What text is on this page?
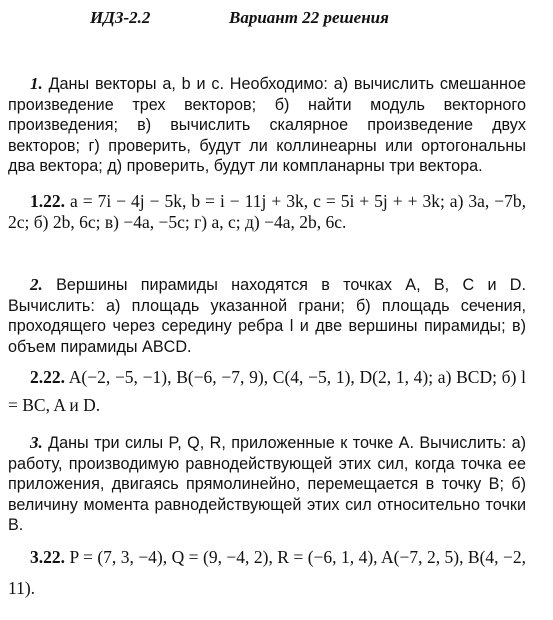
ИДЗ-2.2	Вариант 22 решения

1. Даны векторы a, b и c. Необходимо: а) вычислить смешанное произведение трех векторов; б) найти модуль векторного произведения; в) вычислить скалярное произведение двух векторов; г) проверить, будут ли коллинеарны или ортогональны два вектора; д) проверить, будут ли компланарны три вектора.

1.22. a = 7i − 4j − 5k, b = i − 11j + 3k, c = 5i + 5j + + 3k; а) 3a, −7b, 2c; б) 2b, 6c; в) −4a, −5c; г) a, c; д) −4a, 2b, 6c.

2. Вершины пирамиды находятся в точках A, B, C и D. Вычислить: а) площадь указанной грани; б) площадь сечения, проходящего через середину ребра l и две вершины пирамиды; в) объем пирамиды ABCD.

2.22. A(−2, −5, −1), B(−6, −7, 9), C(4, −5, 1), D(2, 1, 4); а) BCD; б) l = BC, A и D.

3. Даны три силы P, Q, R, приложенные к точке A. Вычислить: а) работу, производимую равнодействующей этих сил, когда точка ее приложения, двигаясь прямолинейно, перемещается в точку B; б) величину момента равнодействующей этих сил относительно точки B.

3.22. P = (7, 3, −4), Q = (9, −4, 2), R = (−6, 1, 4), A(−7, 2, 5), B(4, −2, 11).
